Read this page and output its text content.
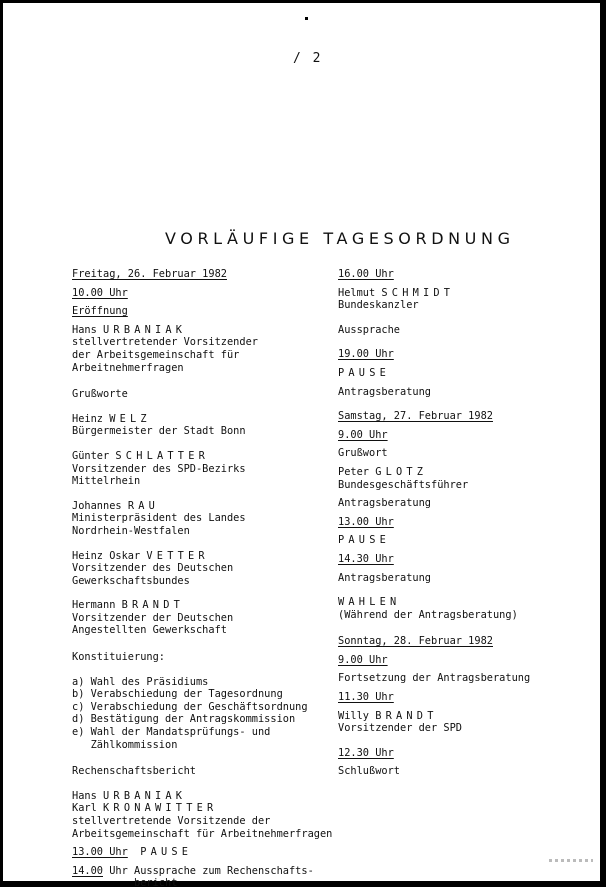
/ 2
VORLÄUFIGE TAGESORDNUNG
Freitag, 26. Februar 1982
10.00 Uhr
Eröffnung
Hans URBANIAK
stellvertretender Vorsitzender
der Arbeitsgemeinschaft für
Arbeitnehmerfragen
Grußworte
Heinz WELZ
Bürgermeister der Stadt Bonn
Günter SCHLATTER
Vorsitzender des SPD-Bezirks
Mittelrhein
Johannes RAU
Ministerpräsident des Landes
Nordrhein-Westfalen
Heinz Oskar VETTER
Vorsitzender des Deutschen
Gewerkschaftsbundes
Hermann BRANDT
Vorsitzender der Deutschen
Angestellten Gewerkschaft
Konstituierung:
a) Wahl des Präsidiums
b) Verabschiedung der Tagesordnung
c) Verabschiedung der Geschäftsordnung
d) Bestätigung der Antragskommission
e) Wahl der Mandatsprüfungs- und
Zählkommission
Rechenschaftsbericht
Hans URBANIAK
Karl KRONAWITTER
stellvertretende Vorsitzende der
Arbeitsgemeinschaft für Arbeitnehmerfragen
13.00 Uhr PAUSE
14.00 Uhr Aussprache zum Rechenschafts-
bericht
16.00 Uhr
Helmut SCHMIDT
Bundeskanzler
Aussprache
19.00 Uhr
PAUSE
Antragsberatung
Samstag, 27. Februar 1982
9.00 Uhr
Grußwort
Peter GLOTZ
Bundesgeschäftsführer
Antragsberatung
13.00 Uhr
PAUSE
14.30 Uhr
Antragsberatung
WAHLEN
(Während der Antragsberatung)
Sonntag, 28. Februar 1982
9.00 Uhr
Fortsetzung der Antragsberatung
11.30 Uhr
Willy BRANDT
Vorsitzender der SPD
12.30 Uhr
Schlußwort
